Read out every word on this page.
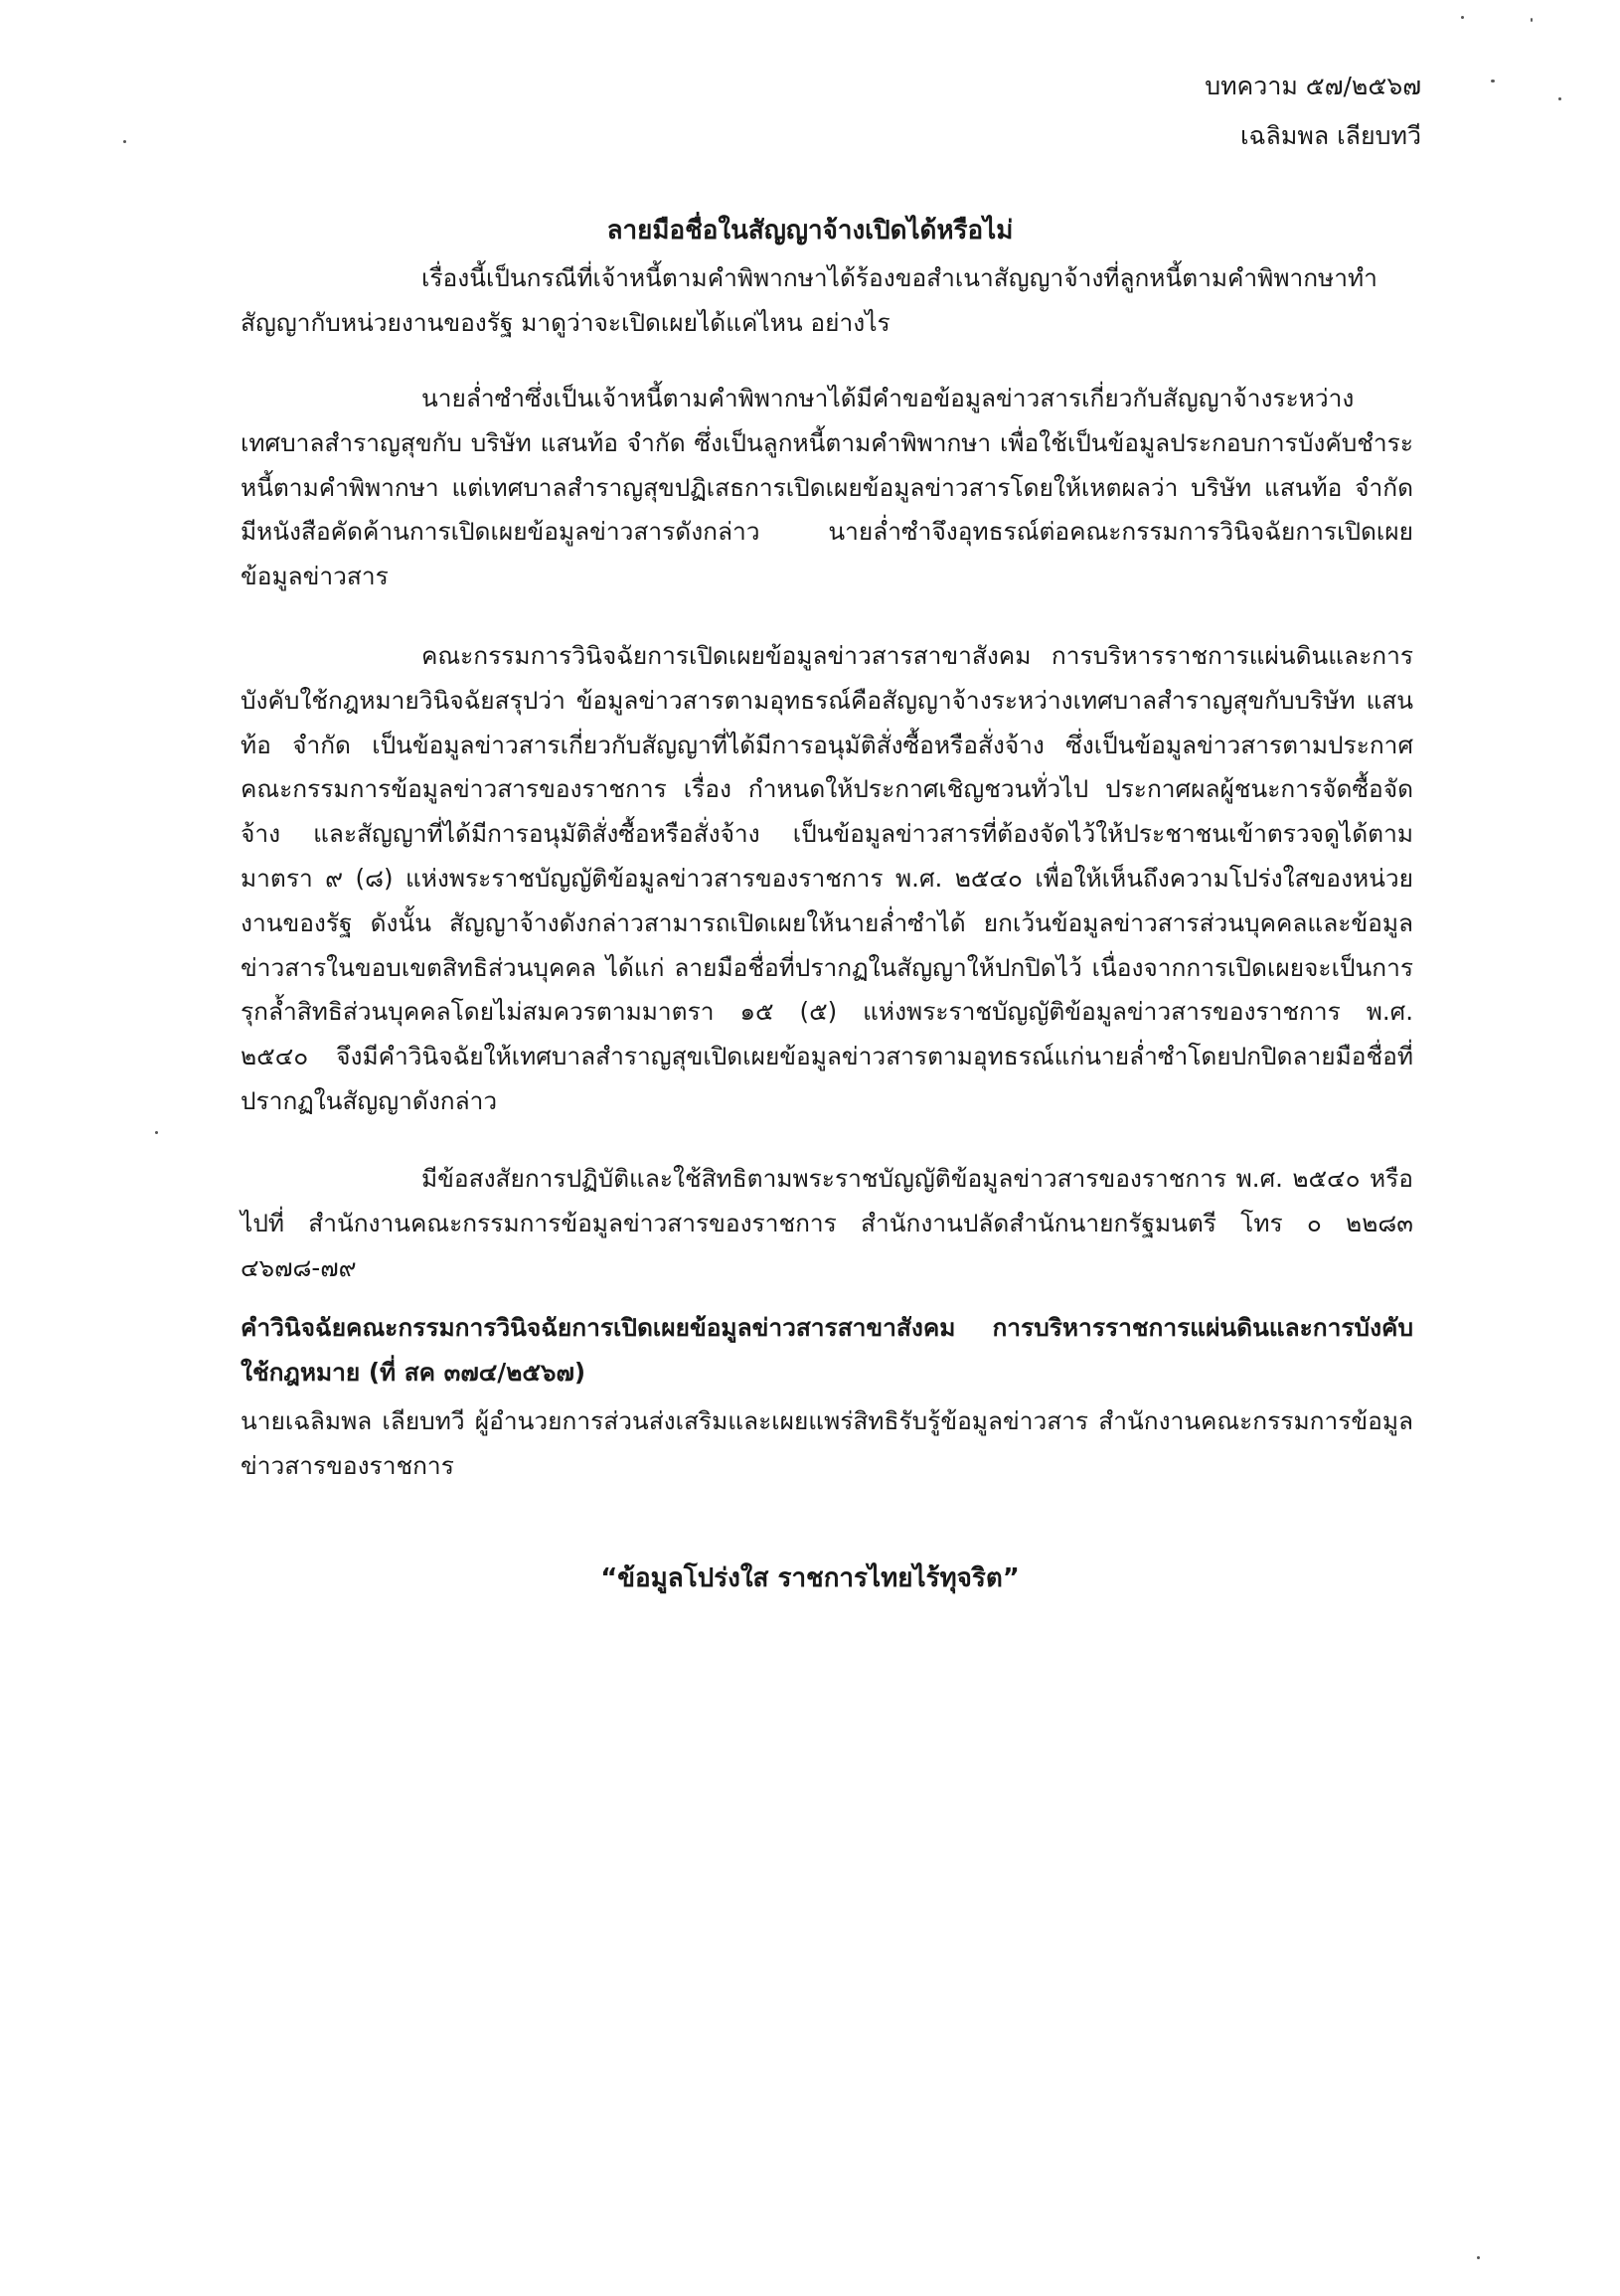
บทความ ๕๗/๒๕๖๗
เฉลิมพล เลียบทวี
ลายมือชื่อในสัญญาจ้างเปิดได้หรือไม่
เรื่องนี้เป็นกรณีที่เจ้าหนี้ตามคำพิพากษาได้ร้องขอสำเนาสัญญาจ้างที่ลูกหนี้ตามคำพิพากษาทำสัญญากับหน่วยงานของรัฐ มาดูว่าจะเปิดเผยได้แค่ไหน อย่างไร
นายล่ำซำซึ่งเป็นเจ้าหนี้ตามคำพิพากษาได้มีคำขอข้อมูลข่าวสารเกี่ยวกับสัญญาจ้างระหว่างเทศบาลสำราญสุขกับ บริษัท แสนท้อ จำกัด ซึ่งเป็นลูกหนี้ตามคำพิพากษา เพื่อใช้เป็นข้อมูลประกอบการบังคับชำระหนี้ตามคำพิพากษา แต่เทศบาลสำราญสุขปฏิเสธการเปิดเผยข้อมูลข่าวสารโดยให้เหตผลว่า บริษัท แสนท้อ จำกัด มีหนังสือคัดค้านการเปิดเผยข้อมูลข่าวสารดังกล่าว นายล่ำซำจึงอุทธรณ์ต่อคณะกรรมการวินิจฉัยการเปิดเผยข้อมูลข่าวสาร
คณะกรรมการวินิจฉัยการเปิดเผยข้อมูลข่าวสารสาขาสังคม การบริหารราชการแผ่นดินและการบังคับใช้กฎหมายวินิจฉัยสรุปว่า ข้อมูลข่าวสารตามอุทธรณ์คือสัญญาจ้างระหว่างเทศบาลสำราญสุขกับบริษัท แสนท้อ จำกัด เป็นข้อมูลข่าวสารเกี่ยวกับสัญญาที่ได้มีการอนุมัติสั่งซื้อหรือสั่งจ้าง ซึ่งเป็นข้อมูลข่าวสารตามประกาศคณะกรรมการข้อมูลข่าวสารของราชการ เรื่อง กำหนดให้ประกาศเชิญชวนทั่วไป ประกาศผลผู้ชนะการจัดซื้อจัดจ้าง และสัญญาที่ได้มีการอนุมัติสั่งซื้อหรือสั่งจ้าง เป็นข้อมูลข่าวสารที่ต้องจัดไว้ให้ประชาชนเข้าตรวจดูได้ตามมาตรา ๙ (๘) แห่งพระราชบัญญัติข้อมูลข่าวสารของราชการ พ.ศ. ๒๕๔๐ เพื่อให้เห็นถึงความโปร่งใสของหน่วยงานของรัฐ ดังนั้น สัญญาจ้างดังกล่าวสามารถเปิดเผยให้นายล่ำซำได้ ยกเว้นข้อมูลข่าวสารส่วนบุคคลและข้อมูลข่าวสารในขอบเขตสิทธิส่วนบุคคล ได้แก่ ลายมือชื่อที่ปรากฏในสัญญาให้ปกปิดไว้ เนื่องจากการเปิดเผยจะเป็นการรุกล้ำสิทธิส่วนบุคคลโดยไม่สมควรตามมาตรา ๑๕ (๕) แห่งพระราชบัญญัติข้อมูลข่าวสารของราชการ พ.ศ. ๒๕๔๐ จึงมีคำวินิจฉัยให้เทศบาลสำราญสุขเปิดเผยข้อมูลข่าวสารตามอุทธรณ์แก่นายล่ำซำโดยปกปิดลายมือชื่อที่ปรากฏในสัญญาดังกล่าว
มีข้อสงสัยการปฏิบัติและใช้สิทธิตามพระราชบัญญัติข้อมูลข่าวสารของราชการ พ.ศ. ๒๕๔๐ หรือไปที่ สำนักงานคณะกรรมการข้อมูลข่าวสารของราชการ สำนักงานปลัดสำนักนายกรัฐมนตรี โทร ๐ ๒๒๘๓ ๔๖๗๘-๗๙
คำวินิจฉัยคณะกรรมการวินิจฉัยการเปิดเผยข้อมูลข่าวสารสาขาสังคม การบริหารราชการแผ่นดินและการบังคับใช้กฎหมาย (ที่ สค ๓๗๔/๒๕๖๗)
นายเฉลิมพล เลียบทวี ผู้อำนวยการส่วนส่งเสริมและเผยแพร่สิทธิรับรู้ข้อมูลข่าวสาร สำนักงานคณะกรรมการข้อมูลข่าวสารของราชการ
“ข้อมูลโปร่งใส ราชการไทยไร้ทุจริต”
